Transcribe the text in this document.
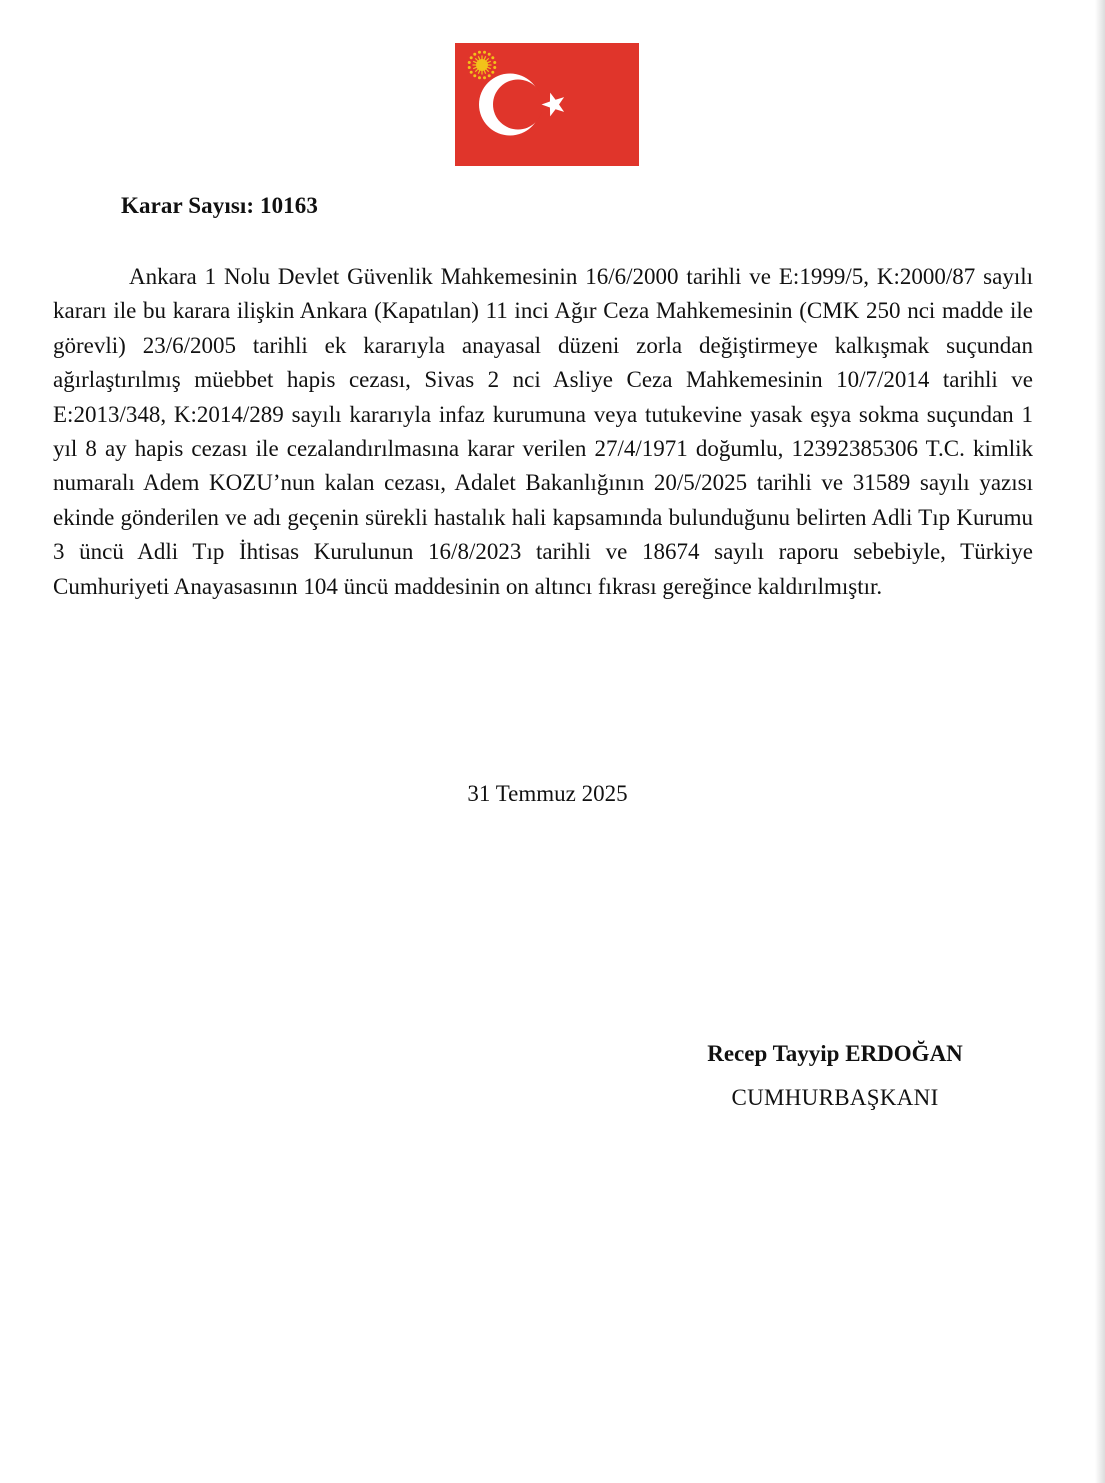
Karar Sayısı: 10163

Ankara 1 Nolu Devlet Güvenlik Mahkemesinin 16/6/2000 tarihli ve E:1999/5, K:2000/87 sayılı kararı ile bu karara ilişkin Ankara (Kapatılan) 11 inci Ağır Ceza Mahkemesinin (CMK 250 nci madde ile görevli) 23/6/2005 tarihli ek kararıyla anayasal düzeni zorla değiştirmeye kalkışmak suçundan ağırlaştırılmış müebbet hapis cezası, Sivas 2 nci Asliye Ceza Mahkemesinin 10/7/2014 tarihli ve E:2013/348, K:2014/289 sayılı kararıyla infaz kurumuna veya tutukevine yasak eşya sokma suçundan 1 yıl 8 ay hapis cezası ile cezalandırılmasına karar verilen 27/4/1971 doğumlu, 12392385306 T.C. kimlik numaralı Adem KOZU’nun kalan cezası, Adalet Bakanlığının 20/5/2025 tarihli ve 31589 sayılı yazısı ekinde gönderilen ve adı geçenin sürekli hastalık hali kapsamında bulunduğunu belirten Adli Tıp Kurumu 3 üncü Adli Tıp İhtisas Kurulunun 16/8/2023 tarihli ve 18674 sayılı raporu sebebiyle, Türkiye Cumhuriyeti Anayasasının 104 üncü maddesinin on altıncı fıkrası gereğince kaldırılmıştır.

31 Temmuz 2025
Recep Tayyip ERDOĞAN
CUMHURBAŞKANI
